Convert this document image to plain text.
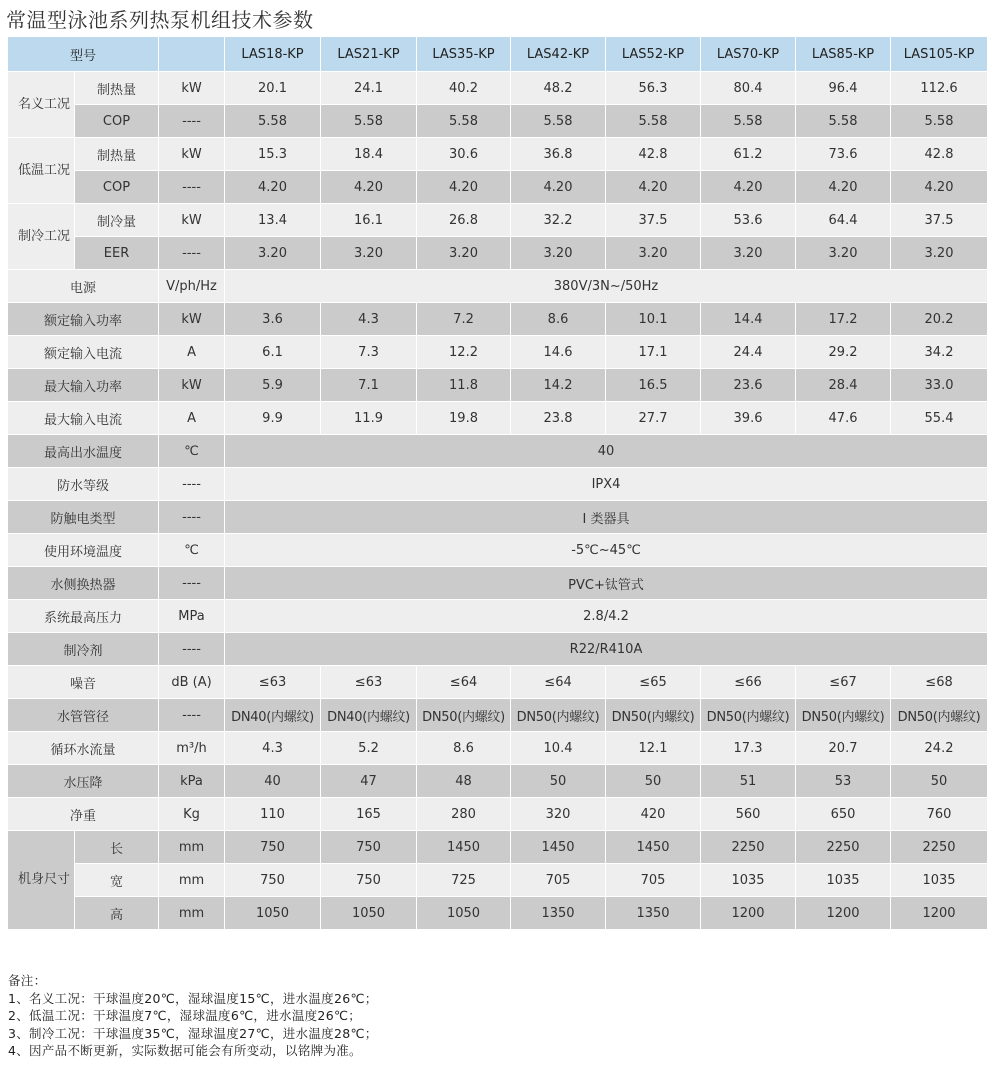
常温型泳池系列热泵机组技术参数
型号			LAS18-KP	LAS21-KP	LAS35-KP	LAS42-KP	LAS52-KP	LAS70-KP	LAS85-KP	LAS105-KP
名义工况	制热量	kW	20.1	24.1	40.2	48.2	56.3	80.4	96.4	112.6
	COP	----	5.58	5.58	5.58	5.58	5.58	5.58	5.58	5.58
低温工况	制热量	kW	15.3	18.4	30.6	36.8	42.8	61.2	73.6	42.8
	COP	----	4.20	4.20	4.20	4.20	4.20	4.20	4.20	4.20
制冷工况	制冷量	kW	13.4	16.1	26.8	32.2	37.5	53.6	64.4	37.5
	EER	----	3.20	3.20	3.20	3.20	3.20	3.20	3.20	3.20
电源		V/ph/Hz	380V/3N~/50Hz							
额定输入功率		kW	3.6	4.3	7.2	8.6	10.1	14.4	17.2	20.2
额定输入电流		A	6.1	7.3	12.2	14.6	17.1	24.4	29.2	34.2
最大输入功率		kW	5.9	7.1	11.8	14.2	16.5	23.6	28.4	33.0
最大输入电流		A	9.9	11.9	19.8	23.8	27.7	39.6	47.6	55.4
最高出水温度		℃	40							
防水等级		----	IPX4							
防触电类型		----	I 类器具							
使用环境温度		℃	-5℃~45℃							
水侧换热器		----	PVC+钛管式							
系统最高压力		MPa	2.8/4.2							
制冷剂		----	R22/R410A							
噪音		dB (A)	≤63	≤63	≤64	≤64	≤65	≤66	≤67	≤68
水管管径		----	DN40(内螺纹)	DN40(内螺纹)	DN50(内螺纹)	DN50(内螺纹)	DN50(内螺纹)	DN50(内螺纹)	DN50(内螺纹)	DN50(内螺纹)
循环水流量		m³/h	4.3	5.2	8.6	10.4	12.1	17.3	20.7	24.2
水压降		kPa	40	47	48	50	50	51	53	50
净重		Kg	110	165	280	320	420	560	650	760
机身尺寸	长	mm	750	750	1450	1450	1450	2250	2250	2250
	宽	mm	750	750	725	705	705	1035	1035	1035
	高	mm	1050	1050	1050	1350	1350	1200	1200	1200
备注：
1、名义工况：干球温度20℃，湿球温度15℃，进水温度26℃；
2、低温工况：干球温度7℃，湿球温度6℃，进水温度26℃；
3、制冷工况：干球温度35℃，湿球温度27℃，进水温度28℃；
4、因产品不断更新，实际数据可能会有所变动，以铭牌为准。
